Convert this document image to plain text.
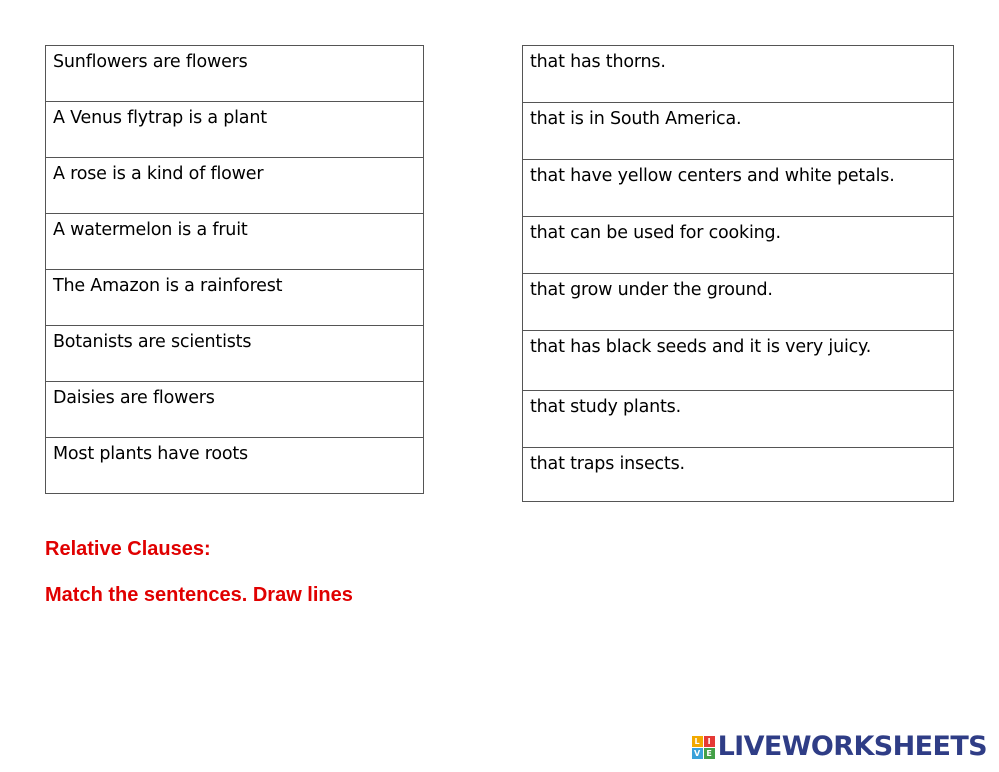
Sunflowers are flowers
A Venus flytrap is a plant
A rose is a kind of flower
A watermelon is a fruit
The Amazon is a rainforest
Botanists are scientists
Daisies are flowers
Most plants have roots
that has thorns.
that is in South America.
that have yellow centers and white petals.
that can be used for cooking.
that grow under the ground.
that has black seeds and it is very juicy.
that study plants.
that traps insects.

Relative Clauses:

Match the sentences. Draw lines

L I
V E LIVEWORKSHEETS
